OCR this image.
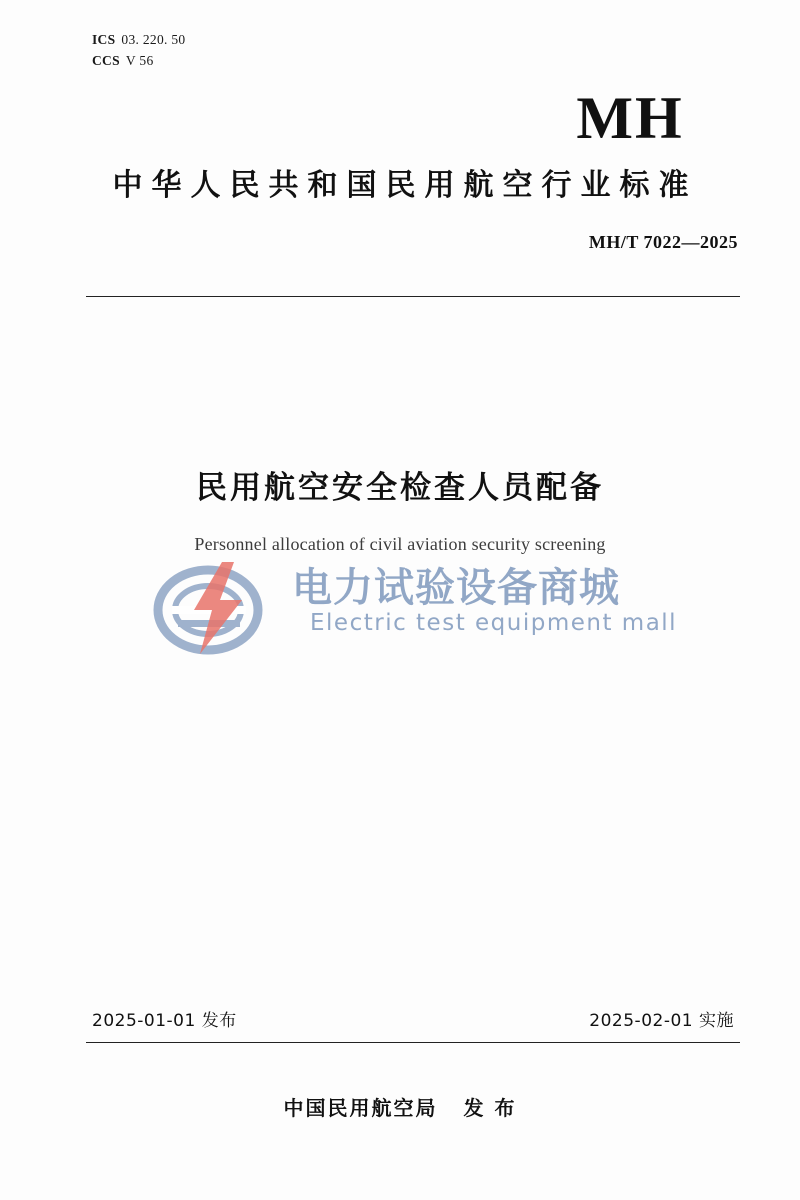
ICS 03. 220. 50
CCS V 56
MH
中华人民共和国民用航空行业标准
MH/T 7022—2025
民用航空安全检查人员配备
Personnel allocation of civil aviation security screening
电力试验设备商城
Electric test equipment mall
2025-01-01 发布	2025-02-01 实施
中国民用航空局 发 布
